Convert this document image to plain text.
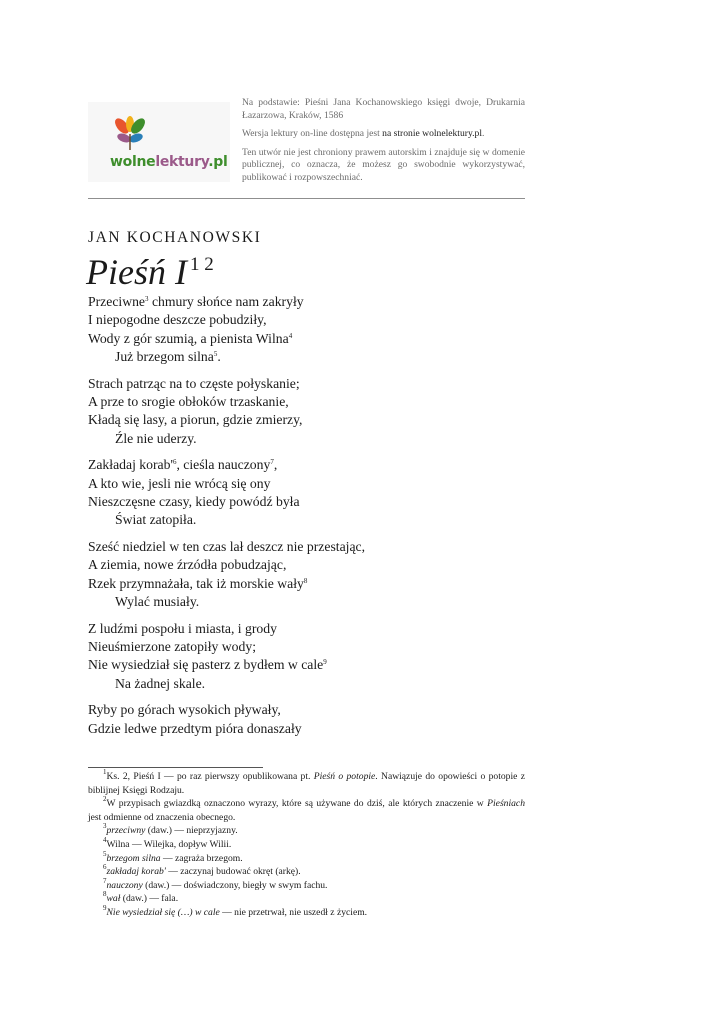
wolnelektury.pl

Na podstawie: Pieśni Jana Kochanowskiego księgi dwoje, Drukarnia Łazarzowa, Kraków, 1586

Wersja lektury on-line dostępna jest na stronie wolnelektury.pl.

Ten utwór nie jest chroniony prawem autorskim i znajduje się w domenie publicznej, co oznacza, że możesz go swobodnie wykorzystywać, publikować i rozpowszechniać.

JAN KOCHANOWSKI
Pieśń I $^{1 2}$
Przeciwne$^3$ chmury słońce nam zakryły
I niepogodne deszcze pobudziły,
Wody z gór szumią, a pienista Wilna$^4$
Już brzegom silna$^5$.
Strach patrząc na to częste połyskanie;
A prze to srogie obłoków trzaskanie,
Kładą się lasy, a piorun, gdzie zmierzy,
Źle nie uderzy.
Zakładaj $korab'^6$, cieśla nauczony$^7$,
A kto wie, jesli nie wrócą się ony
Nieszczęsne czasy, kiedy powódź była
Świat zatopiła.
Sześć niedziel w ten czas lał deszcz nie przestając,
A ziemia, nowe źrzódła pobudzając,
Rzek przymnażała, tak iż morskie wały$^8$
Wylać musiały.
Z ludźmi pospołu i miasta, i grody
Nieuśmierzone zatopiły wody;
Nie wysiedział się pasterz z bydłem w cale$^9$
Na żadnej skale.
Ryby po górach wysokich pływały,
Gdzie ledwe przedtym pióra donaszały
$^1$Ks. 2, Pieśń I — po raz pierwszy opublikowana pt. Pieśń o potopie. Nawiązuje do opowieści o potopie z biblijnej Księgi Rodzaju.
$^2$W przypisach gwiazdką oznaczono wyrazy, które są używane do dziś, ale których znaczenie w Pieśniach jest odmienne od znaczenia obecnego.
$^3$przeciwny (daw.) — nieprzyjazny.
$^4$Wilna — Wilejka, dopływ Wilii.
$^5$brzegom silna — zagraża brzegom.
$^6$zakładaj korab' — zaczynaj budować okręt (arkę).
$^7$nauczony (daw.) — doświadczony, biegły w swym fachu.
$^8$wał (daw.) — fala.
$^9$Nie wysiedział się (…) w cale — nie przetrwał, nie uszedł z życiem.
